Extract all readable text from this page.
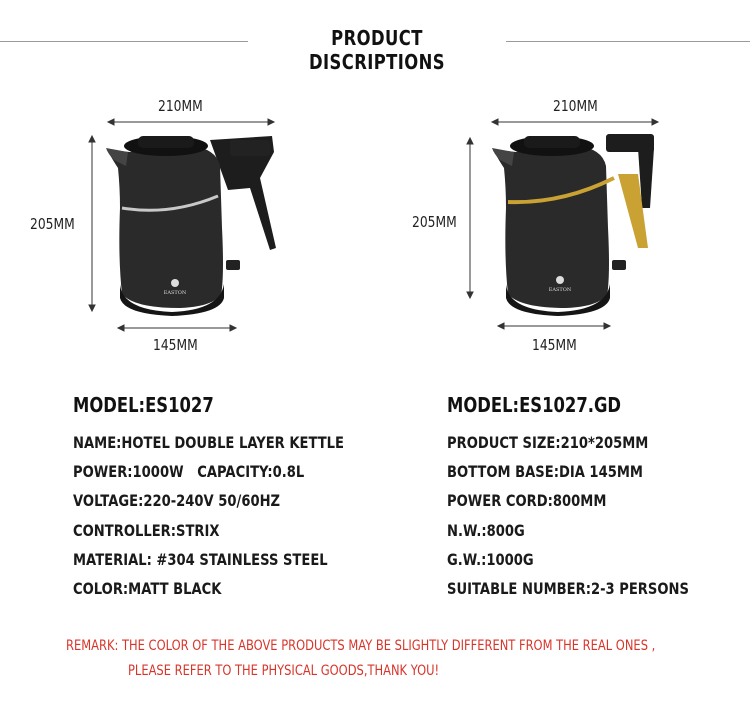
PRODUCT DISCRIPTIONS
210MM
205MM
145MM
EASTON
210MM
205MM
145MM
EASTON
MODEL:ES1027	MODEL:ES1027.GD
NAME:HOTEL DOUBLE LAYER KETTLE
POWER:1000W   CAPACITY:0.8L
VOLTAGE:220-240V 50/60HZ
CONTROLLER:STRIX
MATERIAL: #304 STAINLESS STEEL
COLOR:MATT BLACK
PRODUCT SIZE:210*205MM
BOTTOM BASE:DIA 145MM
POWER CORD:800MM
N.W.:800G
G.W.:1000G
SUITABLE NUMBER:2-3 PERSONS
REMARK: THE COLOR OF THE ABOVE PRODUCTS MAY BE SLIGHTLY DIFFERENT FROM THE REAL ONES ,
PLEASE REFER TO THE PHYSICAL GOODS,THANK YOU!
